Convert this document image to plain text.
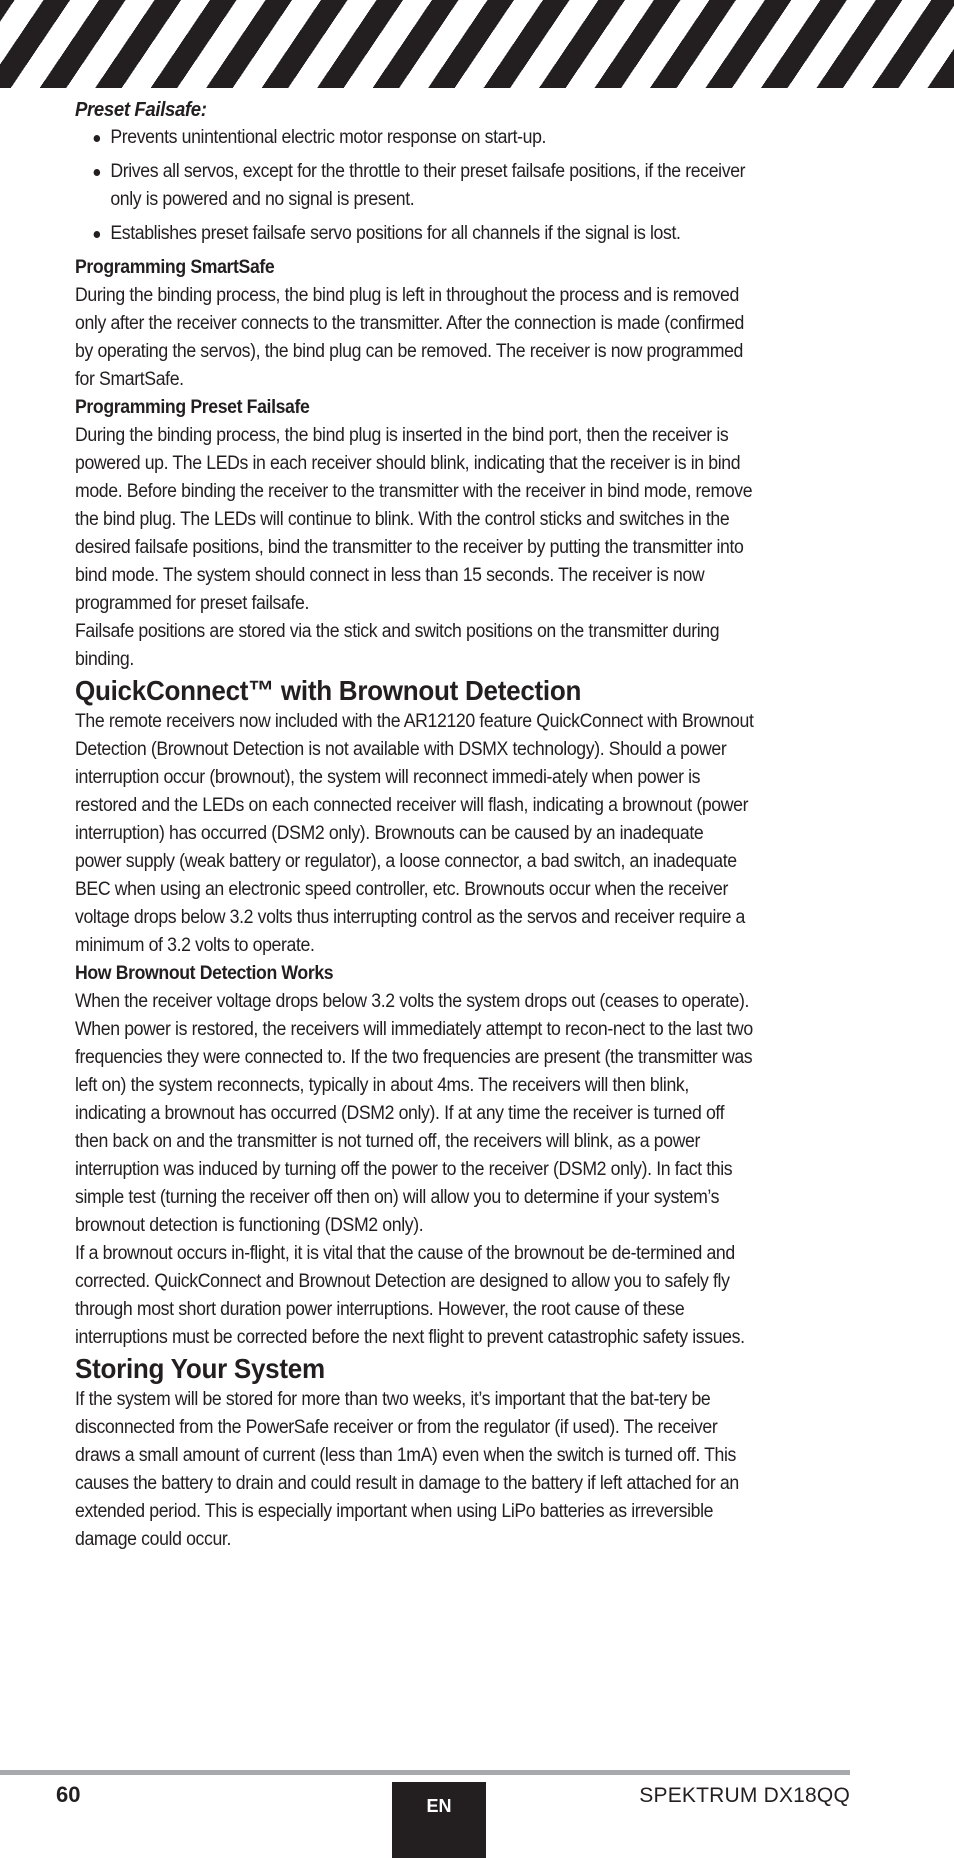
Preset Failsafe:

Prevents unintentional electric motor response on start-up.
Drives all servos, except for the throttle to their preset failsafe positions, if the receiver only is powered and no signal is present.
Establishes preset failsafe servo positions for all channels if the signal is lost.

Programming SmartSafe

During the binding process, the bind plug is left in throughout the process and is removed only after the receiver connects to the transmitter. After the connection is made (confirmed by operating the servos), the bind plug can be removed. The receiver is now programmed for SmartSafe.

Programming Preset Failsafe

During the binding process, the bind plug is inserted in the bind port, then the receiver is powered up. The LEDs in each receiver should blink, indicating that the receiver is in bind mode. Before binding the receiver to the transmitter with the receiver in bind mode, remove the bind plug. The LEDs will continue to blink. With the control sticks and switches in the desired failsafe positions, bind the transmitter to the receiver by putting the transmitter into bind mode. The system should connect in less than 15 seconds. The receiver is now programmed for preset failsafe.

Failsafe positions are stored via the stick and switch positions on the transmitter during binding.

QuickConnect™ with Brownout Detection

The remote receivers now included with the AR12120 feature QuickConnect with Brownout Detection (Brownout Detection is not available with DSMX technology). Should a power interruption occur (brownout), the system will reconnect immedi-ately when power is restored and the LEDs on each connected receiver will flash, indicating a brownout (power interruption) has occurred (DSM2 only). Brownouts can be caused by an inadequate power supply (weak battery or regulator), a loose connector, a bad switch, an inadequate BEC when using an electronic speed controller, etc. Brownouts occur when the receiver voltage drops below 3.2 volts thus interrupting control as the servos and receiver require a minimum of 3.2 volts to operate.

How Brownout Detection Works

When the receiver voltage drops below 3.2 volts the system drops out (ceases to operate). When power is restored, the receivers will immediately attempt to recon-nect to the last two frequencies they were connected to. If the two frequencies are present (the transmitter was left on) the system reconnects, typically in about 4ms. The receivers will then blink, indicating a brownout has occurred (DSM2 only). If at any time the receiver is turned off then back on and the transmitter is not turned off, the receivers will blink, as a power interruption was induced by turning off the power to the receiver (DSM2 only). In fact this simple test (turning the receiver off then on) will allow you to determine if your system’s brownout detection is functioning (DSM2 only).

If a brownout occurs in-flight, it is vital that the cause of the brownout be de-termined and corrected. QuickConnect and Brownout Detection are designed to allow you to safely fly through most short duration power interruptions. However, the root cause of these interruptions must be corrected before the next flight to prevent catastrophic safety issues.

Storing Your System

If the system will be stored for more than two weeks, it’s important that the bat-tery be disconnected from the PowerSafe receiver or from the regulator (if used). The receiver draws a small amount of current (less than 1mA) even when the switch is turned off. This causes the battery to drain and could result in damage to the battery if left attached for an extended period. This is especially important when using LiPo batteries as irreversible damage could occur.

60	EN	SPEKTRUM DX18QQ
